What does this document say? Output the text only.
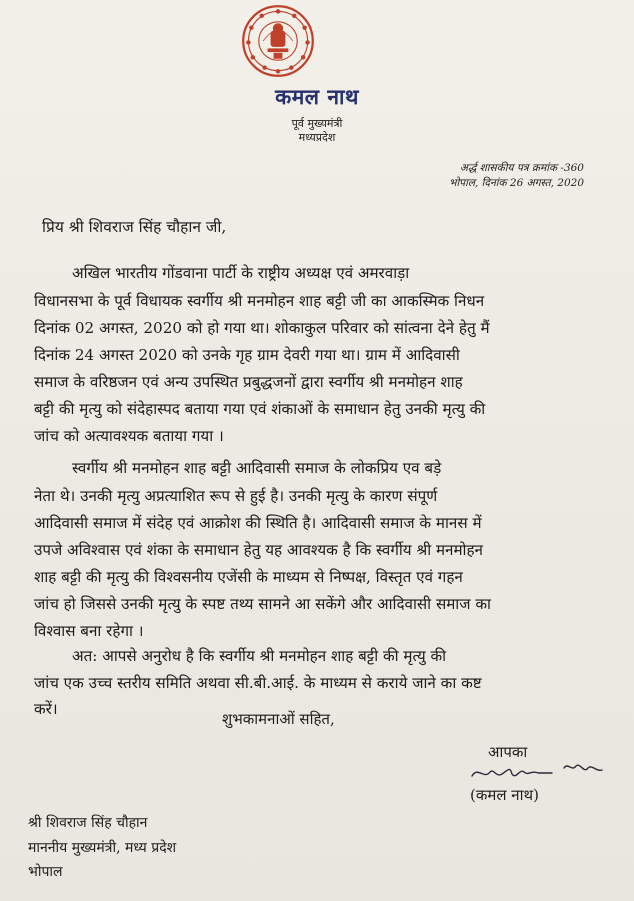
कमल नाथ
पूर्व मुख्यमंत्री
मध्यप्रदेश
अर्द्ध शासकीय पत्र क्रमांक -360
भोपाल, दिनांक 26 अगस्त, 2020
प्रिय श्री शिवराज सिंह चौहान जी,
अखिल भारतीय गोंडवाना पार्टी के राष्ट्रीय अध्यक्ष एवं अमरवाड़ा
विधानसभा के पूर्व विधायक स्वर्गीय श्री मनमोहन शाह बट्टी जी का आकस्मिक निधन
दिनांक 02 अगस्त, 2020 को हो गया था। शोकाकुल परिवार को सांत्वना देने हेतु मैं
दिनांक 24 अगस्त 2020 को उनके गृह ग्राम देवरी गया था। ग्राम में आदिवासी
समाज के वरिष्ठजन एवं अन्य उपस्थित प्रबुद्धजनों द्वारा स्वर्गीय श्री मनमोहन शाह
बट्टी की मृत्यु को संदेहास्पद बताया गया एवं शंकाओं के समाधान हेतु उनकी मृत्यु की
जांच को अत्यावश्यक बताया गया ।
स्वर्गीय श्री मनमोहन शाह बट्टी आदिवासी समाज के लोकप्रिय एव बड़े
नेता थे। उनकी मृत्यु अप्रत्याशित रूप से हुई है। उनकी मृत्यु के कारण संपूर्ण
आदिवासी समाज में संदेह एवं आक्रोश की स्थिति है। आदिवासी समाज के मानस में
उपजे अविश्वास एवं शंका के समाधान हेतु यह आवश्यक है कि स्वर्गीय श्री मनमोहन
शाह बट्टी की मृत्यु की विश्वसनीय एजेंसी के माध्यम से निष्पक्ष, विस्तृत एवं गहन
जांच हो जिससे उनकी मृत्यु के स्पष्ट तथ्य सामने आ सकेंगे और आदिवासी समाज का
विश्वास बना रहेगा ।
अत: आपसे अनुरोध है कि स्वर्गीय श्री मनमोहन शाह बट्टी की मृत्यु की
जांच एक उच्च स्तरीय समिति अथवा सी.बी.आई. के माध्यम से कराये जाने का कष्ट
करें।
शुभकामनाओं सहित,
आपका
(कमल नाथ)
श्री शिवराज सिंह चौहान
माननीय मुख्यमंत्री, मध्य प्रदेश
भोपाल
